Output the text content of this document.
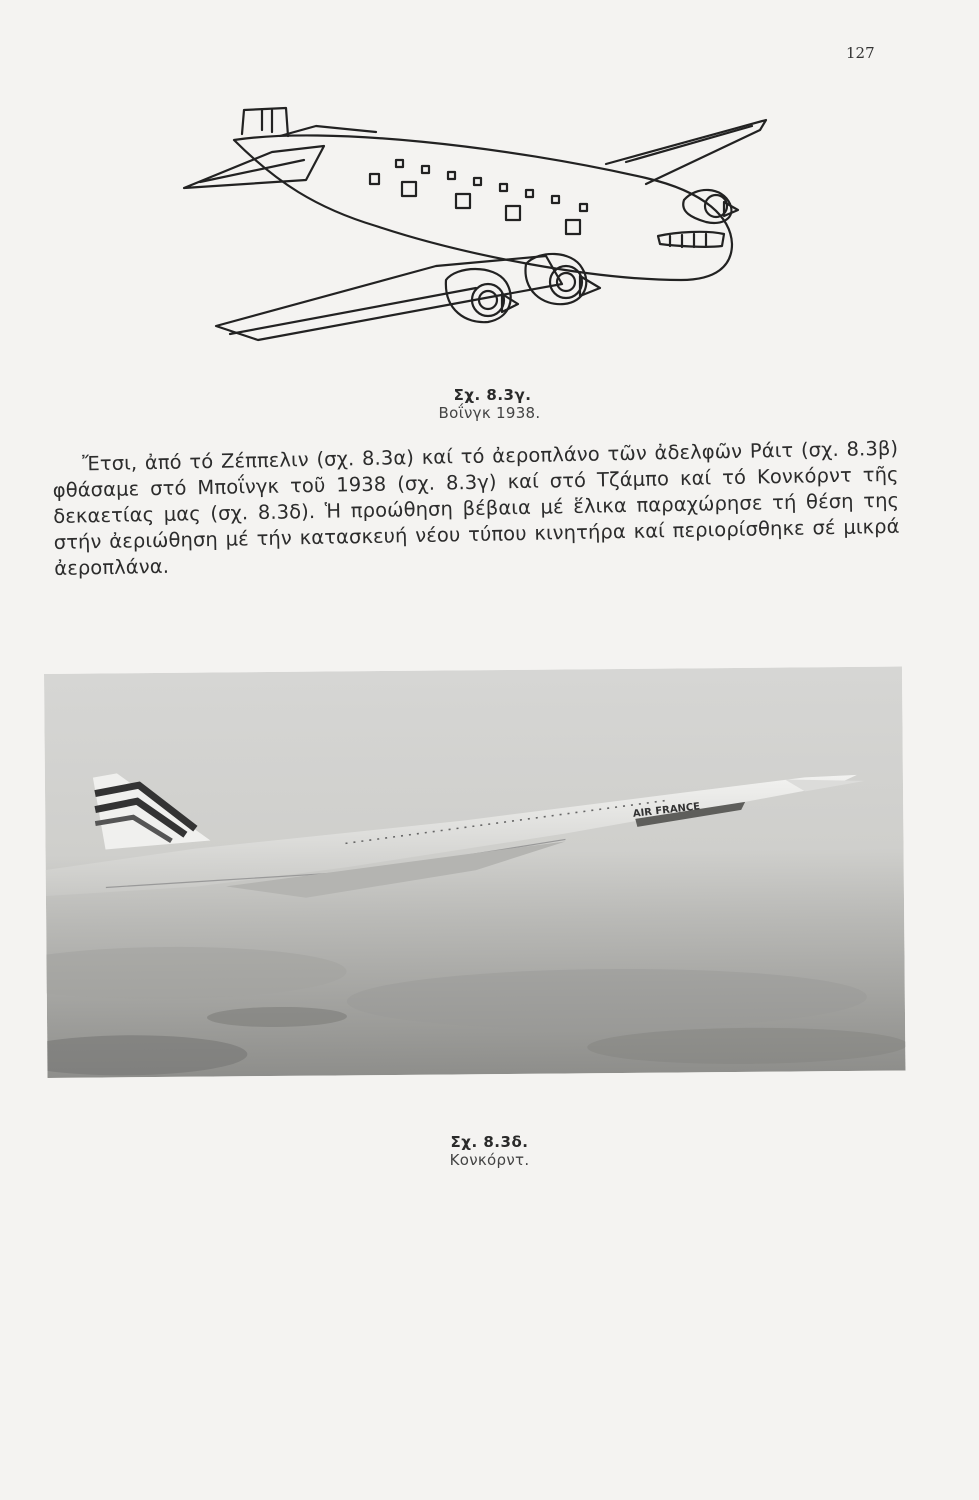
127
Σχ. 8.3γ.
Βοΐνγκ 1938.

Ἔτσι, ἀπό τό Ζέππελιν (σχ. 8.3α) καί τό ἀεροπλάνο τῶν ἀδελφῶν Ράιτ (σχ. 8.3β) φθάσαμε στό Μποΐνγκ τοῦ 1938 (σχ. 8.3γ) καί στό Τζάμπο καί τό Κονκόρντ τῆς δεκαετίας μας (σχ. 8.3δ). Ἡ προώθηση βέβαια μέ ἕλικα παραχώρησε τή θέση της στήν ἀεριώθηση μέ τήν κατασκευή νέου τύπου κινητήρα καί περιορίσθηκε σέ μικρά ἀεροπλάνα.

AIR FRANCE
Σχ. 8.3δ.
Κονκόρντ.
